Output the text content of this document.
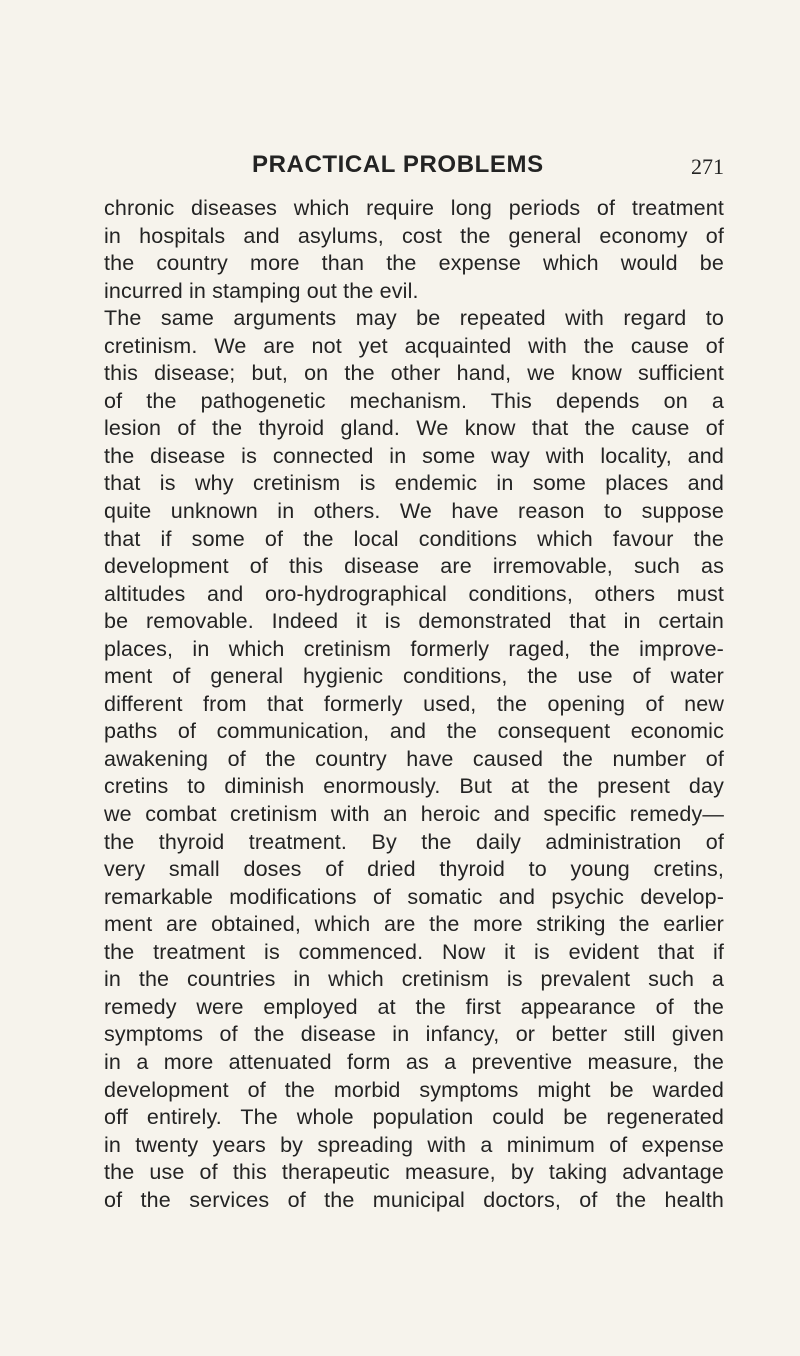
PRACTICAL PROBLEMS	271
chronic diseases which require long periods of treatment
in hospitals and asylums, cost the general economy of
the country more than the expense which would be
incurred in stamping out the evil.
The same arguments may be repeated with regard to
cretinism. We are not yet acquainted with the cause of
this disease; but, on the other hand, we know sufficient
of the pathogenetic mechanism. This depends on a
lesion of the thyroid gland. We know that the cause of
the disease is connected in some way with locality, and
that is why cretinism is endemic in some places and
quite unknown in others. We have reason to suppose
that if some of the local conditions which favour the
development of this disease are irremovable, such as
altitudes and oro-hydrographical conditions, others must
be removable. Indeed it is demonstrated that in certain
places, in which cretinism formerly raged, the improve-
ment of general hygienic conditions, the use of water
different from that formerly used, the opening of new
paths of communication, and the consequent economic
awakening of the country have caused the number of
cretins to diminish enormously. But at the present day
we combat cretinism with an heroic and specific remedy—
the thyroid treatment. By the daily administration of
very small doses of dried thyroid to young cretins,
remarkable modifications of somatic and psychic develop-
ment are obtained, which are the more striking the earlier
the treatment is commenced. Now it is evident that if
in the countries in which cretinism is prevalent such a
remedy were employed at the first appearance of the
symptoms of the disease in infancy, or better still given
in a more attenuated form as a preventive measure, the
development of the morbid symptoms might be warded
off entirely. The whole population could be regenerated
in twenty years by spreading with a minimum of expense
the use of this therapeutic measure, by taking advantage
of the services of the municipal doctors, of the health
